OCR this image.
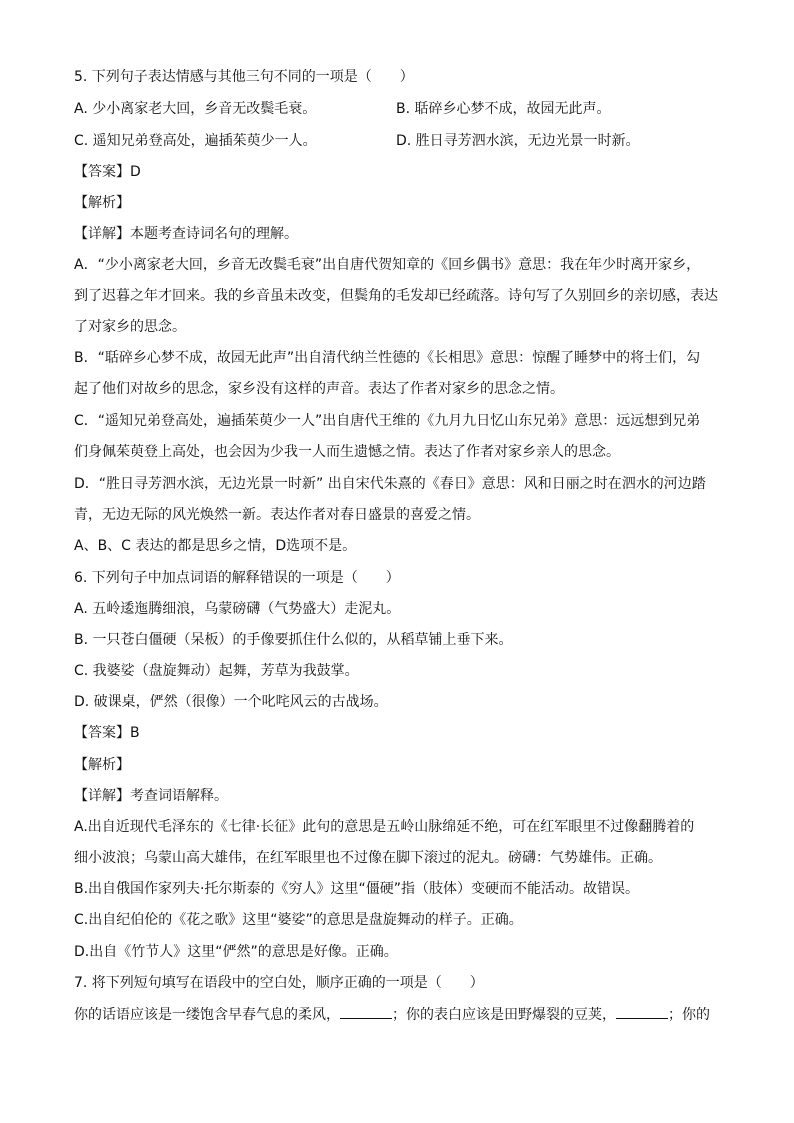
5. 下列句子表达情感与其他三句不同的一项是（　　）
A. 少小离家老大回，乡音无改鬓毛衰。	B. 聒碎乡心梦不成，故园无此声。
C. 遥知兄弟登高处，遍插茱萸少一人。	D. 胜日寻芳泗水滨，无边光景一时新。
【答案】D
【解析】
【详解】本题考查诗词名句的理解。
A．“少小离家老大回，乡音无改鬓毛衰”出自唐代贺知章的《回乡偶书》意思：我在年少时离开家乡，
到了迟暮之年才回来。我的乡音虽未改变，但鬓角的毛发却已经疏落。诗句写了久别回乡的亲切感，表达
了对家乡的思念。
B．“聒碎乡心梦不成，故园无此声”出自清代纳兰性德的《长相思》意思：惊醒了睡梦中的将士们，勾
起了他们对故乡的思念，家乡没有这样的声音。表达了作者对家乡的思念之情。
C．“遥知兄弟登高处，遍插茱萸少一人”出自唐代王维的《九月九日忆山东兄弟》意思：远远想到兄弟
们身佩茱萸登上高处，也会因为少我一人而生遗憾之情。表达了作者对家乡亲人的思念。
D．“胜日寻芳泗水滨，无边光景一时新” 出自宋代朱熹的《春日》意思：风和日丽之时在泗水的河边踏
青，无边无际的风光焕然一新。表达作者对春日盛景的喜爱之情。
A、B、C 表达的都是思乡之情，D选项不是。
6. 下列句子中加点词语的解释错误的一项是（　　）
A. 五岭逶迤腾细浪，乌蒙磅礴（气势盛大）走泥丸。
B. 一只苍白僵硬（呆板）的手像要抓住什么似的，从稻草铺上垂下来。
C. 我婆娑（盘旋舞动）起舞，芳草为我鼓掌。
D. 破课桌，俨然（很像）一个叱咤风云的古战场。
【答案】B
【解析】
【详解】考查词语解释。
A.出自近现代毛泽东的《七律·长征》此句的意思是五岭山脉绵延不绝，可在红军眼里不过像翻腾着的
细小波浪；乌蒙山高大雄伟，在红军眼里也不过像在脚下滚过的泥丸。磅礴：气势雄伟。正确。
B.出自俄国作家列夫·托尔斯泰的《穷人》这里“僵硬”指（肢体）变硬而不能活动。故错误。
C.出自纪伯伦的《花之歌》这里“婆娑”的意思是盘旋舞动的样子。正确。
D.出自《竹节人》这里“俨然”的意思是好像。正确。
7. 将下列短句填写在语段中的空白处，顺序正确的一项是（　　）
你的话语应该是一缕饱含早春气息的柔风，	；你的表白应该是田野爆裂的豆荚，	；你的
